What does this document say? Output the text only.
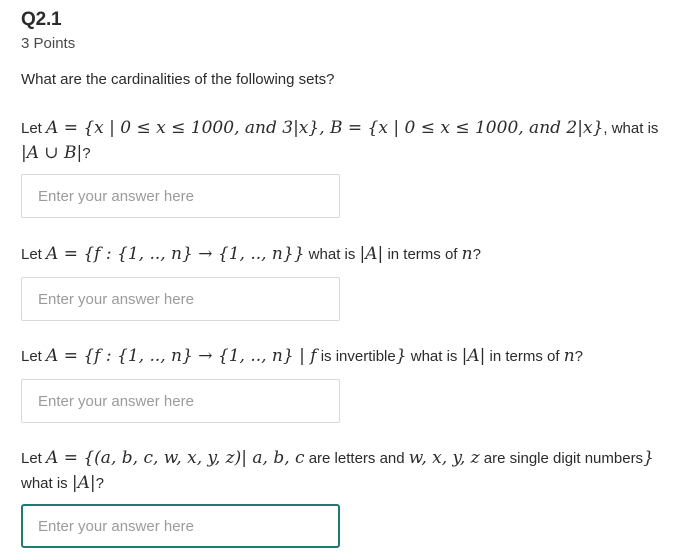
Q2.1
3 Points
What are the cardinalities of the following sets?
Let A = {x | 0 ≤ x ≤ 1000, and 3|x}, B = {x | 0 ≤ x ≤ 1000, and 2|x}, what is
|A ∪ B|?
Enter your answer here
Let A = {f : {1, .., n} → {1, .., n}} what is |A| in terms of n?
Enter your answer here
Let A = {f : {1, .., n} → {1, .., n} | f is invertible} what is |A| in terms of n?
Enter your answer here
Let A = {(a, b, c, w, x, y, z)| a, b, c are letters and w, x, y, z are single digit numbers}
what is |A|?
Enter your answer here
